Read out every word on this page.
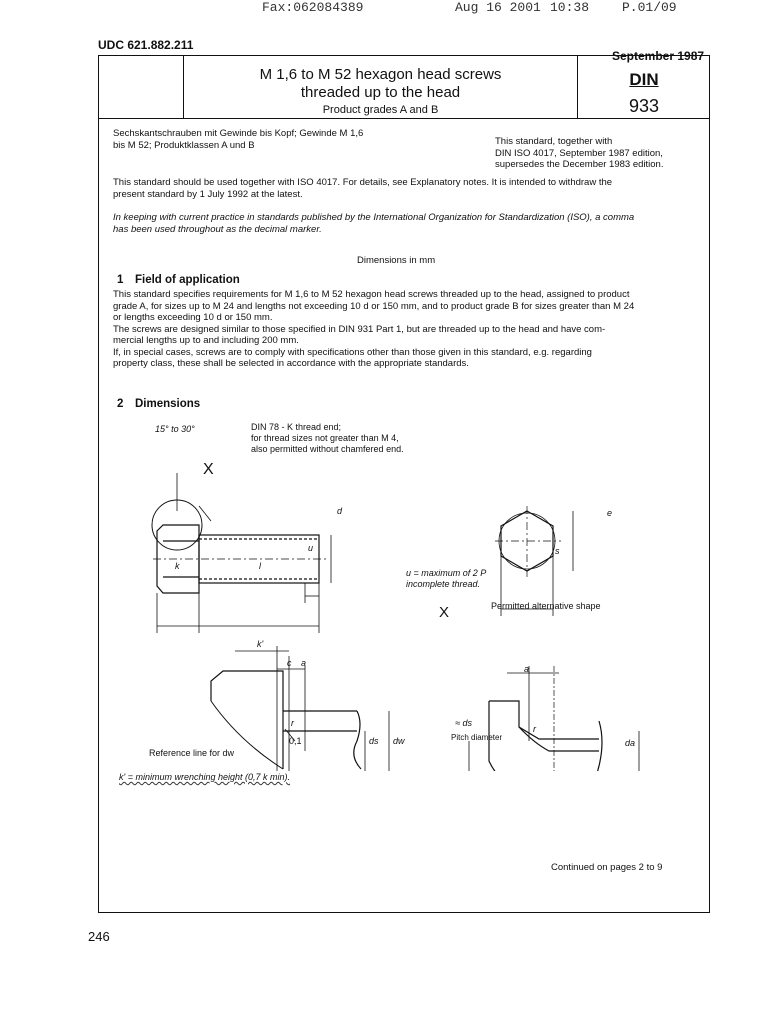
Fax:062084389	Aug 16 2001 10:38	P.01/09
UDC 621.882.211
September 1987
M 1,6 to M 52 hexagon head screws
threaded up to the head
Product grades A and B
DIN
933
Sechskantschrauben mit Gewinde bis Kopf; Gewinde M 1,6
bis M 52; Produktklassen A und B	This standard, together with
DIN ISO 4017, September 1987 edition,
supersedes the December 1983 edition.
This standard should be used together with ISO 4017. For details, see Explanatory notes. It is intended to withdraw the
present standard by 1 July 1992 at the latest.
In keeping with current practice in standards published by the International Organization for Standardization (ISO), a comma
has been used throughout as the decimal marker.
Dimensions in mm
1 Field of application
This standard specifies requirements for M 1,6 to M 52 hexagon head screws threaded up to the head, assigned to product
grade A, for sizes up to M 24 and lengths not exceeding 10 d or 150 mm, and to product grade B for sizes greater than M 24
or lengths exceeding 10 d or 150 mm.
The screws are designed similar to those specified in DIN 931 Part 1, but are threaded up to the head and have com-
mercial lengths up to and including 200 mm.
If, in special cases, screws are to comply with specifications other than those given in this standard, e.g. regarding
property class, these shall be selected in accordance with the appropriate standards.
2 Dimensions
DIN 78 - K thread end;
for thread sizes not greater than M 4,
also permitted without chamfered end.
u = maximum of 2 P
incomplete thread.
Permitted alternative shape
Reference line for dw
k' = minimum wrenching height (0,7 k min).
15° to 30°
X
d
u
k	l
e
s
X
k'
c a
a
r
r
0,1	ds dw
≈ ds
Pitch diameter
da
Continued on pages 2 to 9
246
